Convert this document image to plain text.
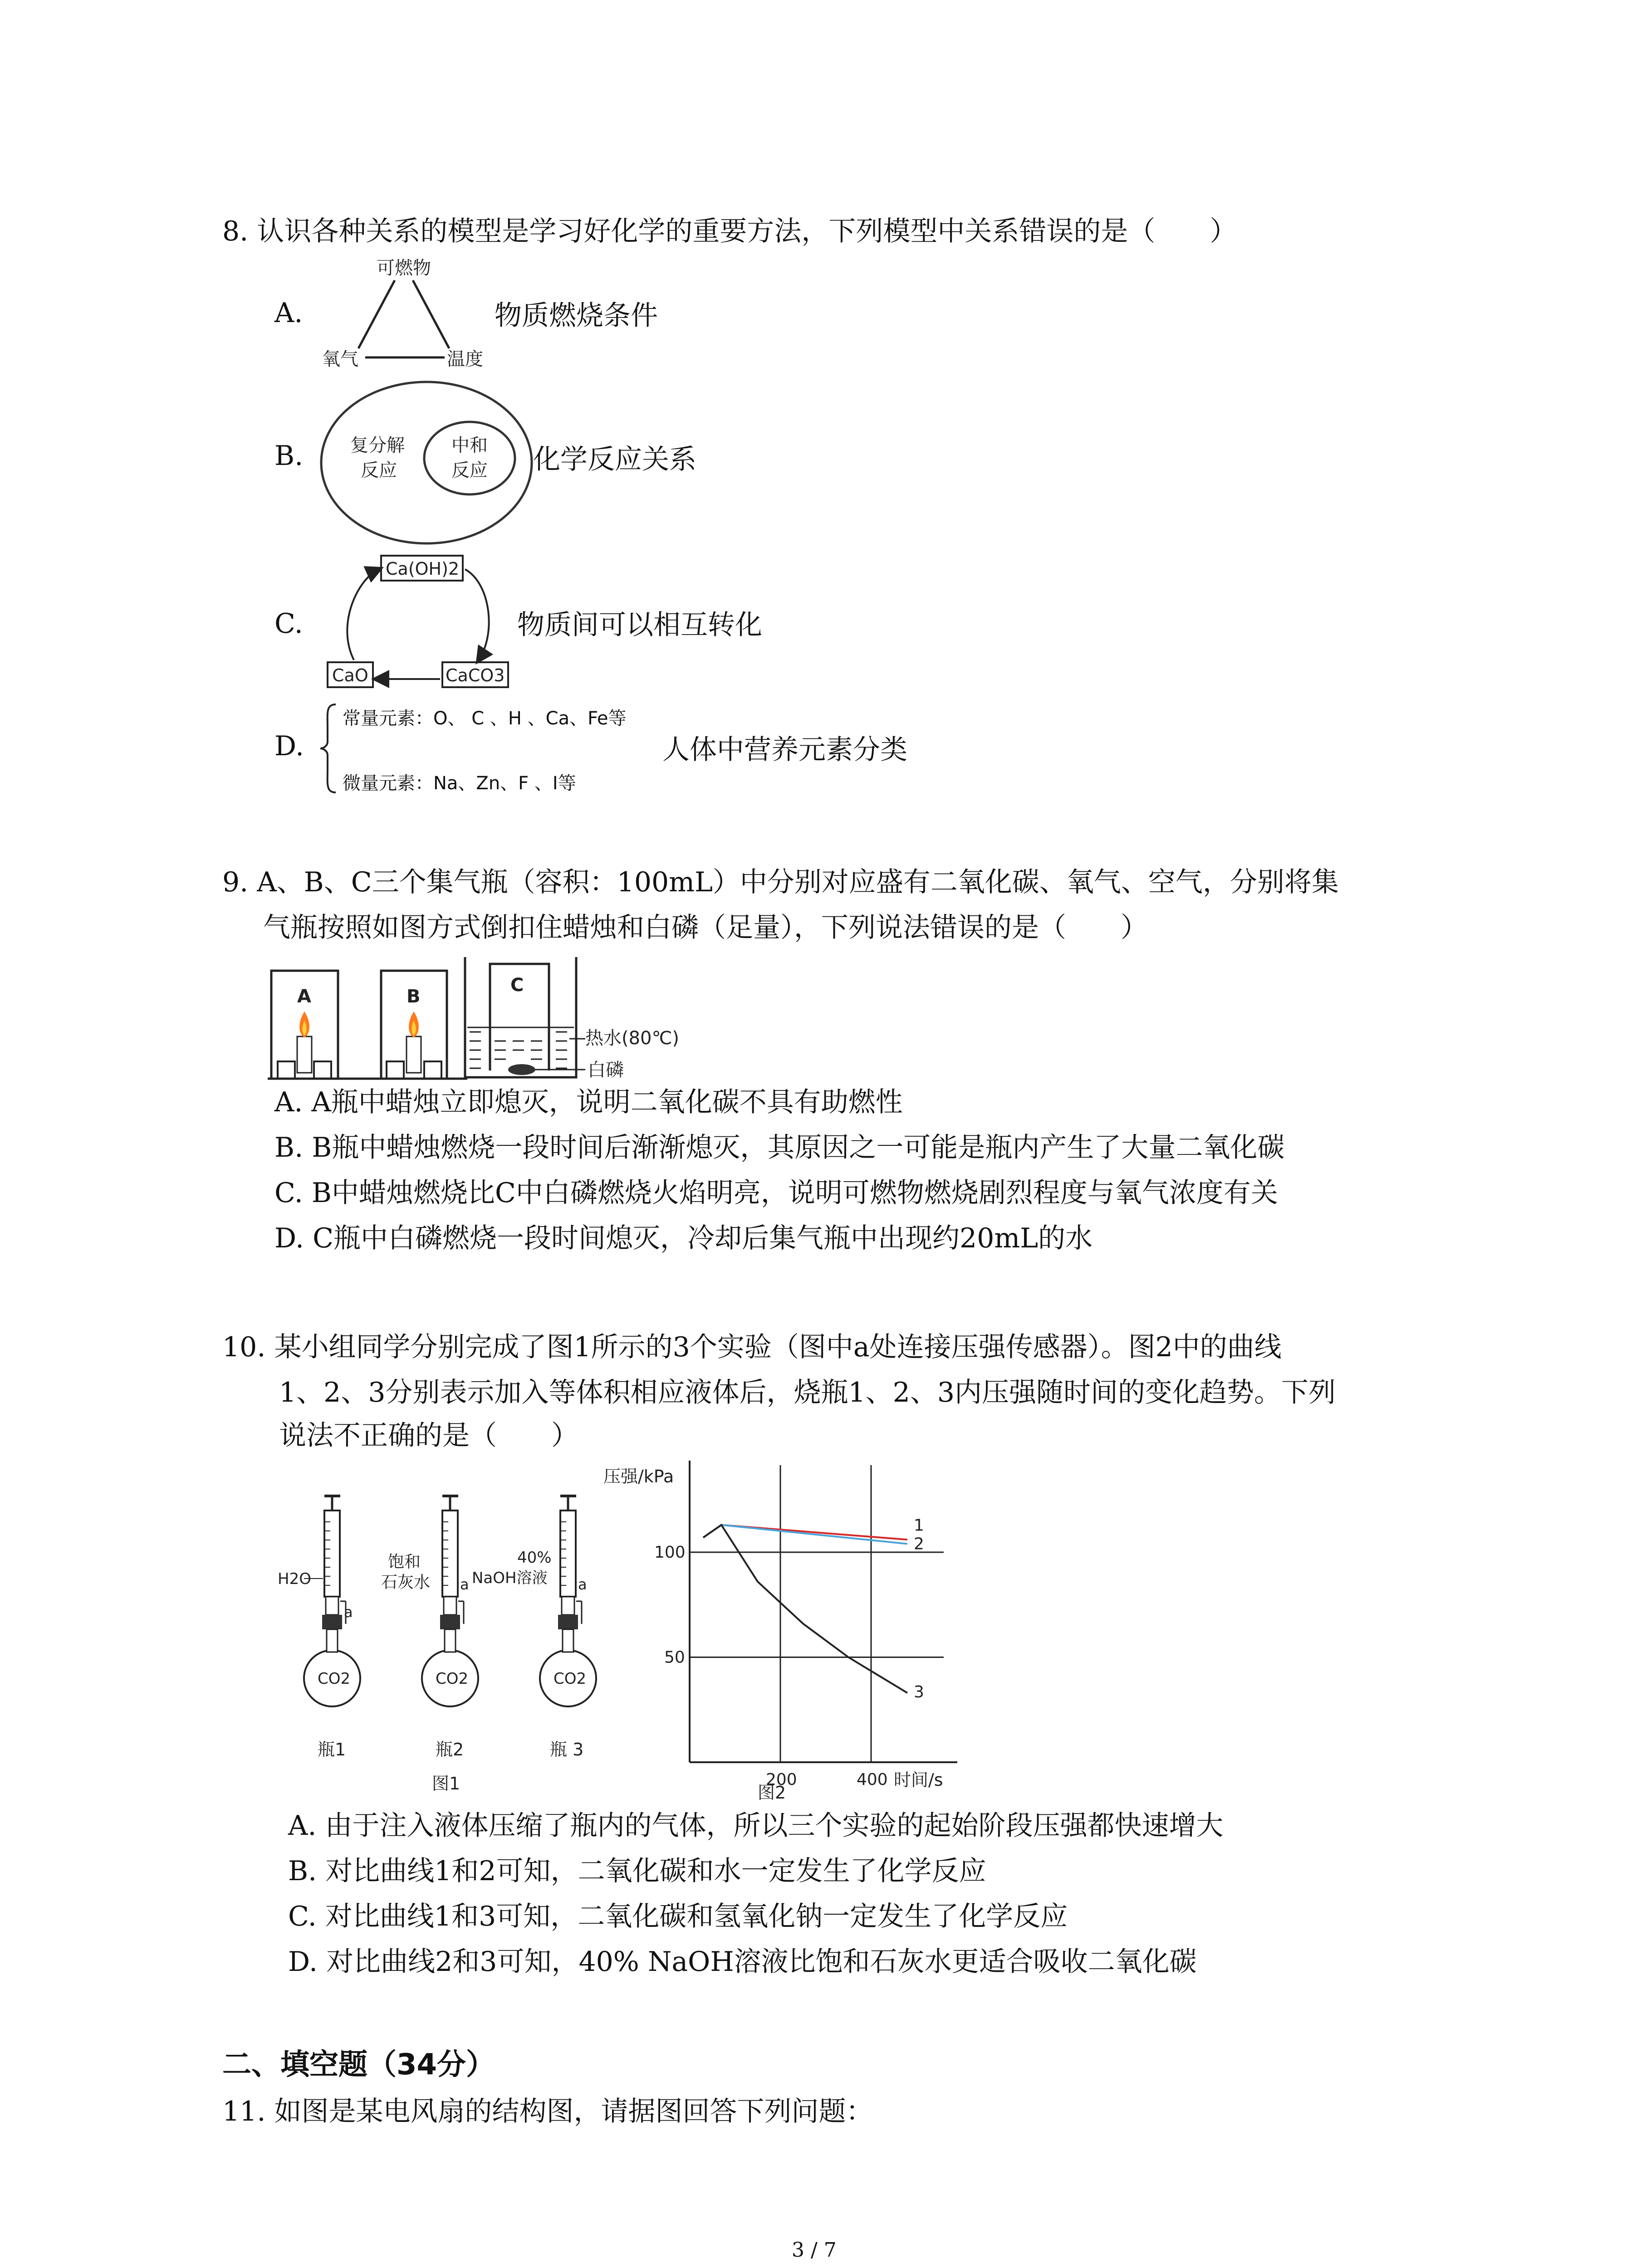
8. 认识各种关系的模型是学习好化学的重要方法，下列模型中关系错误的是（　　）
A.
可燃物
氧气	温度
物质燃烧条件
B.	复分解
反应
中和
反应 化学反应关系
C.
Ca(OH)2
CaO	CaCO3
物质间可以相互转化
D.
常量元素：O、 C 、H 、Ca、Fe等
微量元素：Na、Zn、F 、I等
人体中营养元素分类
9. A、B、C三个集气瓶（容积：100mL）中分别对应盛有二氧化碳、氧气、空气，分别将集
气瓶按照如图方式倒扣住蜡烛和白磷（足量），下列说法错误的是（　　）
A	B
C
热水(80℃)
白磷
A. A瓶中蜡烛立即熄灭，说明二氧化碳不具有助燃性
B. B瓶中蜡烛燃烧一段时间后渐渐熄灭，其原因之一可能是瓶内产生了大量二氧化碳
C. B中蜡烛燃烧比C中白磷燃烧火焰明亮，说明可燃物燃烧剧烈程度与氧气浓度有关
D. C瓶中白磷燃烧一段时间熄灭，冷却后集气瓶中出现约20mL的水
10. 某小组同学分别完成了图1所示的3个实验（图中a处连接压强传感器）。图2中的曲线
1、2、3分别表示加入等体积相应液体后，烧瓶1、2、3内压强随时间的变化趋势。下列
说法不正确的是（　　）
H2O
a
CO2
瓶1
饱和
石灰水 a
CO2
瓶2
40%
NaOH溶液 a
CO2
瓶 3
图1
1
2
3
200	400
50
100
压强/kPa
时间/s
图2
A. 由于注入液体压缩了瓶内的气体，所以三个实验的起始阶段压强都快速增大
B. 对比曲线1和2可知，二氧化碳和水一定发生了化学反应
C. 对比曲线1和3可知，二氧化碳和氢氧化钠一定发生了化学反应
D. 对比曲线2和3可知，40% NaOH溶液比饱和石灰水更适合吸收二氧化碳
二、填空题（34分）
11. 如图是某电风扇的结构图，请据图回答下列问题：
3 / 7
